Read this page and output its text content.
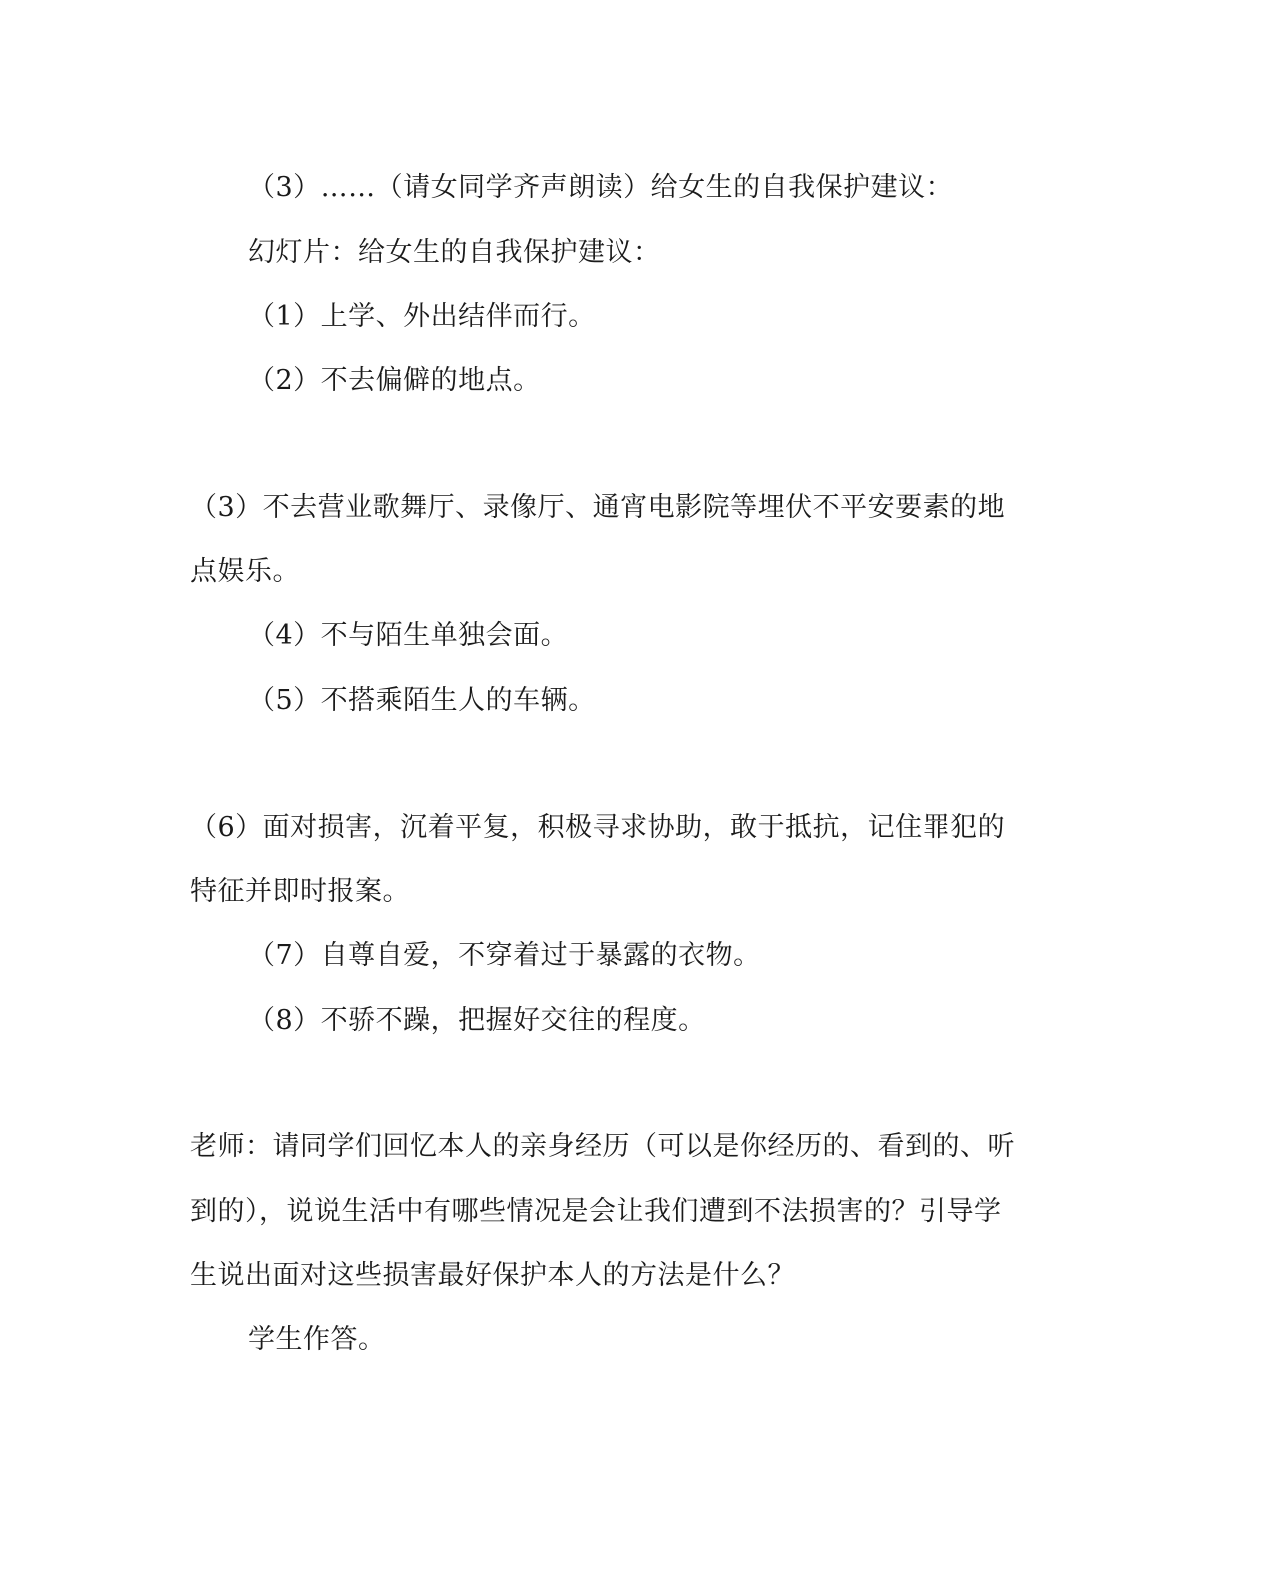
（3）……（请女同学齐声朗读）给女生的自我保护建议：
幻灯片：给女生的自我保护建议：
（1）上学、外出结伴而行。
（2）不去偏僻的地点。
（3）不去营业歌舞厅、录像厅、通宵电影院等埋伏不平安要素的地
点娱乐。
（4）不与陌生单独会面。
（5）不搭乘陌生人的车辆。
（6）面对损害，沉着平复，积极寻求协助，敢于抵抗，记住罪犯的
特征并即时报案。
（7）自尊自爱，不穿着过于暴露的衣物。
（8）不骄不躁，把握好交往的程度。
老师：请同学们回忆本人的亲身经历（可以是你经历的、看到的、听
到的），说说生活中有哪些情况是会让我们遭到不法损害的？引导学
生说出面对这些损害最好保护本人的方法是什么？
学生作答。
